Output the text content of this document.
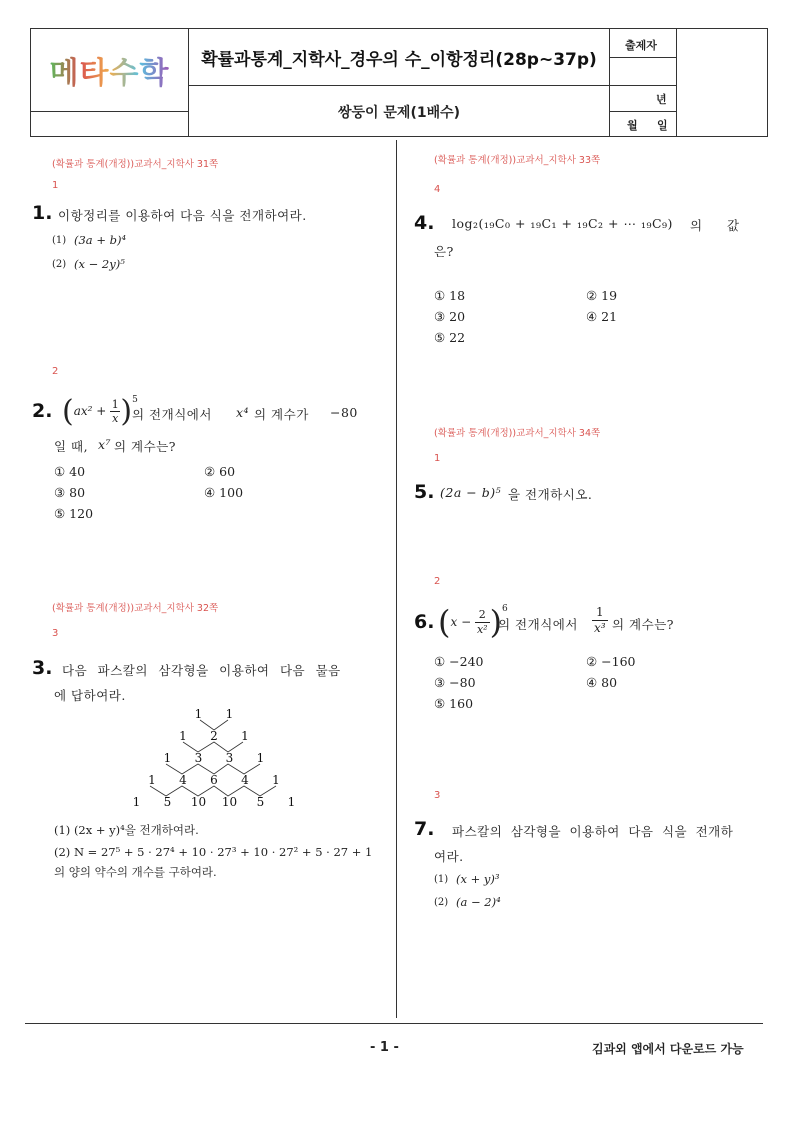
메타수학	확률과통계_지학사_경우의 수_이항정리(28p~37p)
쌍둥이 문제(1배수)
출제자
년
월 일
(확률과 통계(개정))교과서_지학사 31쪽
1
1. 이항정리를 이용하여 다음 식을 전개하여라.
(1) (3a + b)⁴
(2) (x − 2y)⁵
2
2. ( $ax^2 + \frac{1}{x}$ ) 5
의 전개식에서 x⁴ 의 계수가 −80
일 때, x⁷ 의 계수는?
① 40	② 60
③ 80	④ 100
⑤ 120
(확률과 통계(개정))교과서_지학사 32쪽
3
3. 다음 파스칼의 삼각형을 이용하여 다음 물음
에 답하여라.
1 1
1 2 1
1 3 3 1
1 4 6 4 1
1 5 10 10 5 1
(1) (2x + y)⁴을 전개하여라.
(2) N = 27⁵ + 5 · 27⁴ + 10 · 27³ + 10 · 27² + 5 · 27 + 1
의 양의 약수의 개수를 구하여라.
(확률과 통계(개정))교과서_지학사 33쪽
4
4. log₂(₁₉C₀ + ₁₉C₁ + ₁₉C₂ + ⋯ ₁₉C₉) 의 값
은?
① 18	② 19
③ 20	④ 21
⑤ 22
(확률과 통계(개정))교과서_지학사 34쪽
1
5. (2a − b)⁵ 을 전개하시오.
2
6. ( $x - \frac{2}{\text{x²}}$ ) 6
의 전개식에서
1
x³ 의 계수는?
① −240	② −160
③ −80	④ 80
⑤ 160
3
7. 파스칼의 삼각형을 이용하여 다음 식을 전개하
여라.
(1) (x + y)³
(2) (a − 2)⁴
- 1 -	김과외 앱에서 다운로드 가능
